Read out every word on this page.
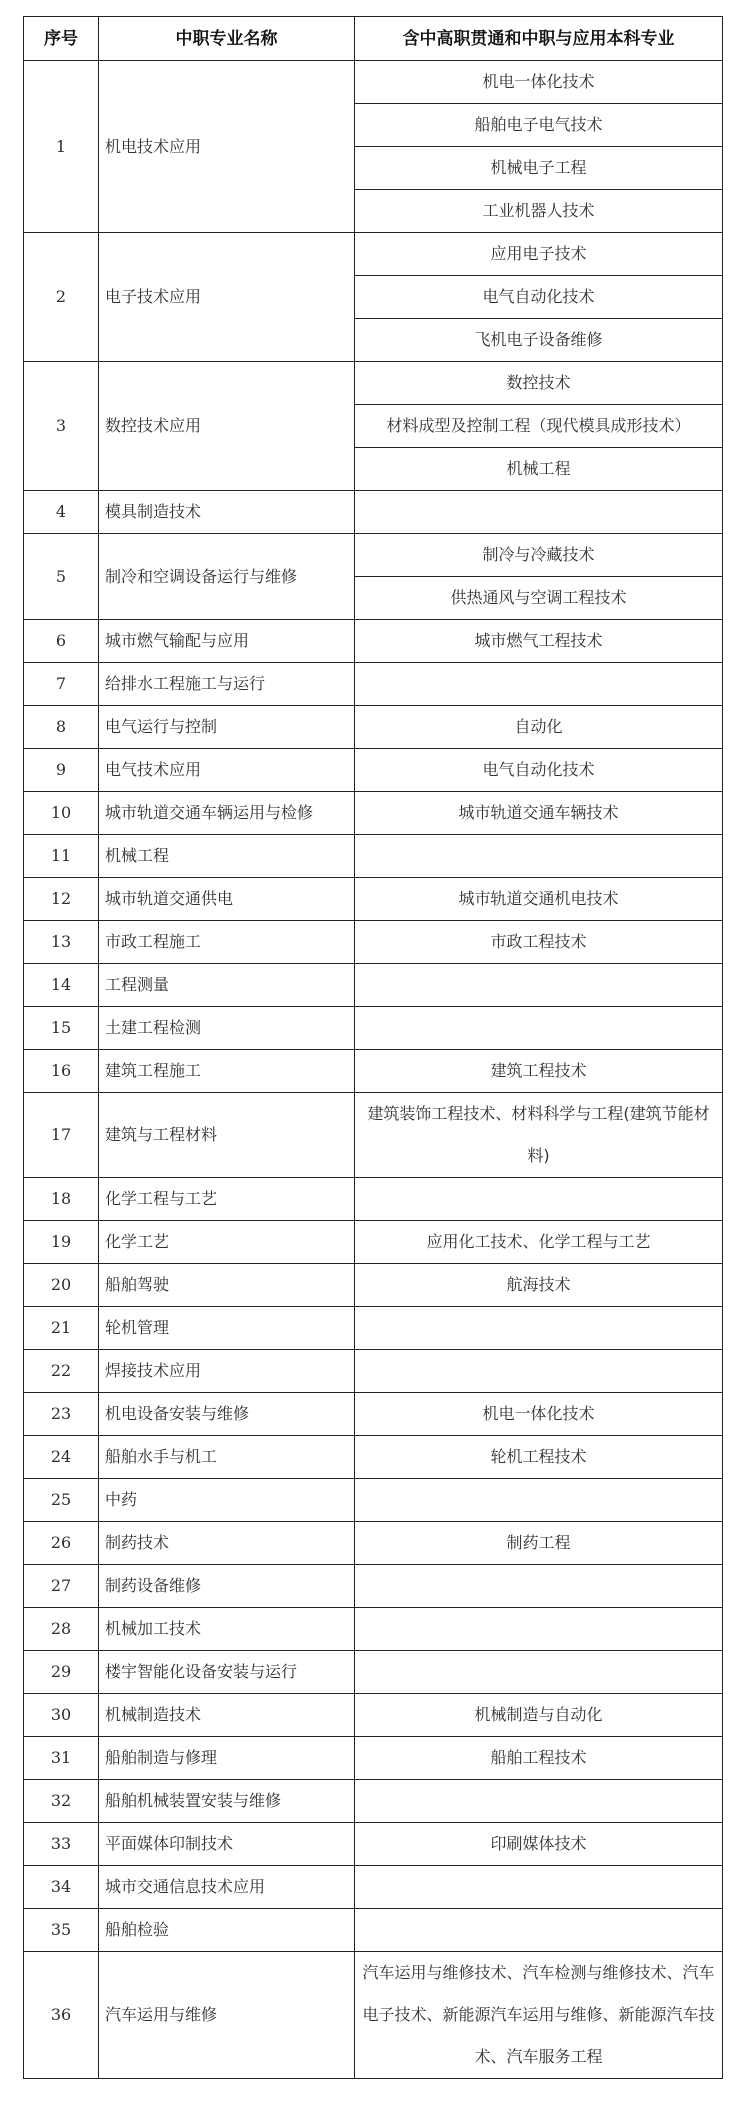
序号	中职专业名称	含中高职贯通和中职与应用本科专业
1	机电技术应用	机电一体化技术
		船舶电子电气技术
		机械电子工程
		工业机器人技术
2	电子技术应用	应用电子技术
		电气自动化技术
		飞机电子设备维修
3	数控技术应用	数控技术
		材料成型及控制工程（现代模具成形技术）
		机械工程
4	模具制造技术	
5	制冷和空调设备运行与维修	制冷与冷藏技术
		供热通风与空调工程技术
6	城市燃气输配与应用	城市燃气工程技术
7	给排水工程施工与运行	
8	电气运行与控制	自动化
9	电气技术应用	电气自动化技术
10	城市轨道交通车辆运用与检修	城市轨道交通车辆技术
11	机械工程	
12	城市轨道交通供电	城市轨道交通机电技术
13	市政工程施工	市政工程技术
14	工程测量	
15	土建工程检测	
16	建筑工程施工	建筑工程技术
17	建筑与工程材料	建筑装饰工程技术、材料科学与工程(建筑节能材料)
18	化学工程与工艺	
19	化学工艺	应用化工技术、化学工程与工艺
20	船舶驾驶	航海技术
21	轮机管理	
22	焊接技术应用	
23	机电设备安装与维修	机电一体化技术
24	船舶水手与机工	轮机工程技术
25	中药	
26	制药技术	制药工程
27	制药设备维修	
28	机械加工技术	
29	楼宇智能化设备安装与运行	
30	机械制造技术	机械制造与自动化
31	船舶制造与修理	船舶工程技术
32	船舶机械装置安装与维修	
33	平面媒体印制技术	印刷媒体技术
34	城市交通信息技术应用	
35	船舶检验	
36	汽车运用与维修	汽车运用与维修技术、汽车检测与维修技术、汽车电子技术、新能源汽车运用与维修、新能源汽车技术、汽车服务工程
